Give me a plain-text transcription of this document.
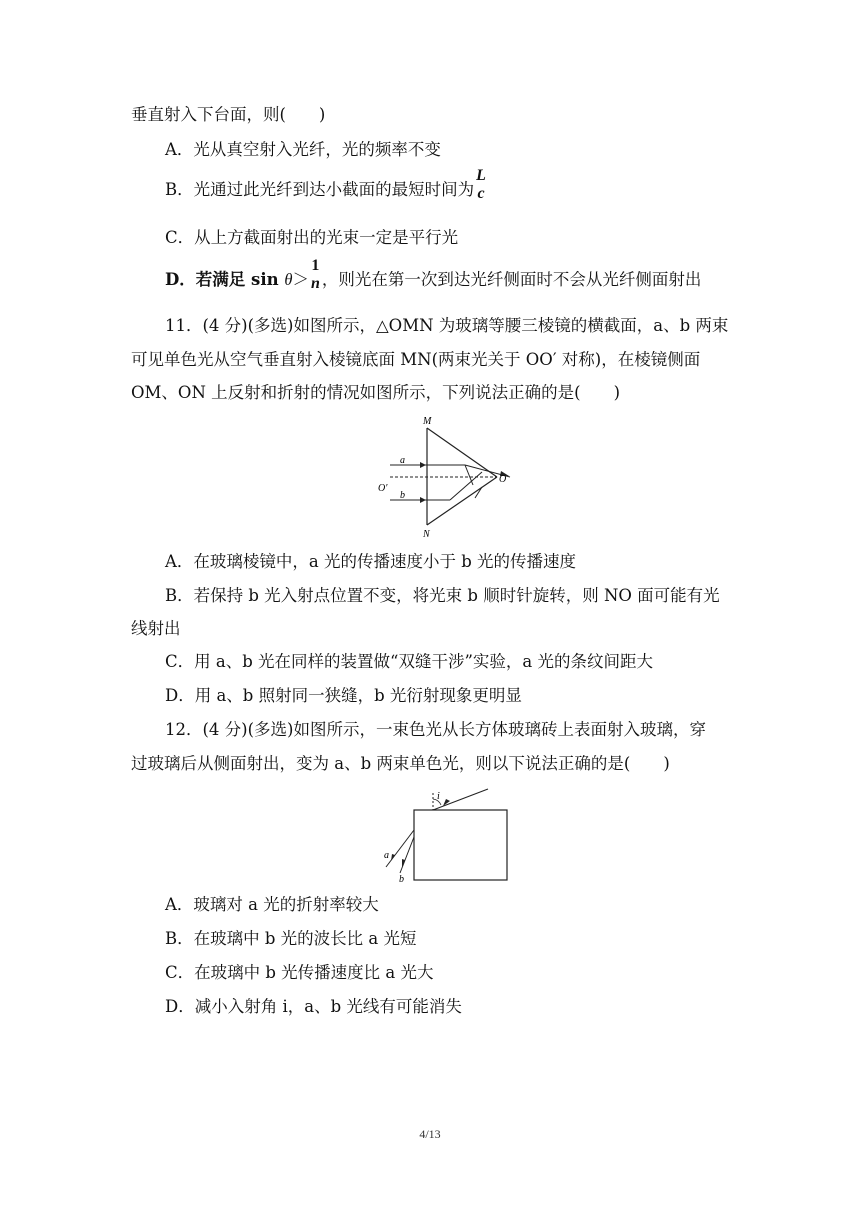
垂直射入下台面，则(　　)
A．光从真空射入光纤，光的频率不变
B．光通过此光纤到达小截面的最短时间为
L
c
C．从上方截面射出的光束一定是平行光
D．若满足 sin θ＞
1
n ，则光在第一次到达光纤侧面时不会从光纤侧面射出
11．(4 分)(多选)如图所示，△OMN 为玻璃等腰三棱镜的横截面，a、b 两束
可见单色光从空气垂直射入棱镜底面 MN(两束光关于 OO′ 对称)，在棱镜侧面
OM、ON 上反射和折射的情况如图所示，下列说法正确的是(　　)
M
N
O
O′
a
b
A．在玻璃棱镜中，a 光的传播速度小于 b 光的传播速度
B．若保持 b 光入射点位置不变，将光束 b 顺时针旋转，则 NO 面可能有光
线射出
C．用 a、b 光在同样的装置做“双缝干涉”实验，a 光的条纹间距大
D．用 a、b 照射同一狭缝，b 光衍射现象更明显
12．(4 分)(多选)如图所示，一束色光从长方体玻璃砖上表面射入玻璃，穿
过玻璃后从侧面射出，变为 a、b 两束单色光，则以下说法正确的是(　　)
i
a
b
A．玻璃对 a 光的折射率较大
B．在玻璃中 b 光的波长比 a 光短
C．在玻璃中 b 光传播速度比 a 光大
D．减小入射角 i，a、b 光线有可能消失
4/13
